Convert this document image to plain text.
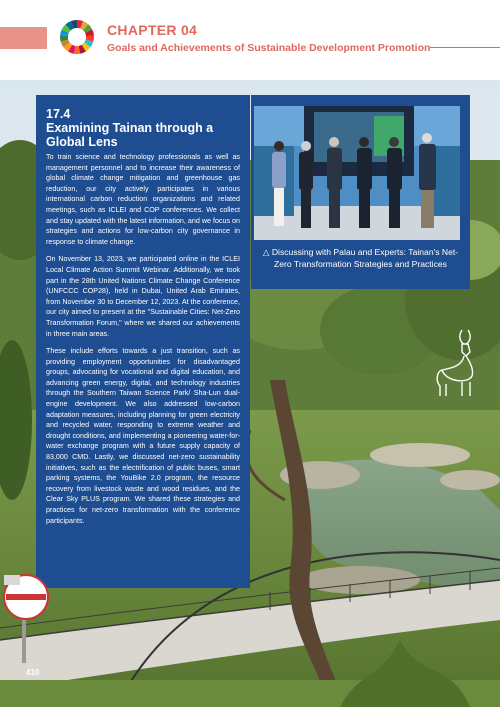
CHAPTER 04
Goals and Achievements of Sustainable Development Promotion
△ Discussing with Palau and Experts: Tainan's Net-Zero Transformation Strategies and Practices
17.4
Examining Tainan through a Global Lens

To train science and technology professionals as well as management personnel and to increase their awareness of global climate change mitigation and greenhouse gas reduction, our city actively participates in various international carbon reduction organizations and related meetings, such as ICLEI and COP conferences. We collect and stay updated with the latest information, and we focus on strategies and actions for low-carbon city governance in response to climate change.

On November 13, 2023, we participated online in the ICLEI Local Climate Action Summit Webinar. Additionally, we took part in the 28th United Nations Climate Change Conference (UNFCCC COP28), held in Dubai, United Arab Emirates, from November 30 to December 12, 2023. At the conference, our city aimed to present at the "Sustainable Cities: Net-Zero Transformation Forum," where we shared our achievements in three main areas.

These include efforts towards a just transition, such as providing employment opportunities for disadvantaged groups, advocating for vocational and digital education, and advancing green energy, digital, and technology industries through the Southern Taiwan Science Park/ Sha-Lun dual-engine development. We also addressed low-carbon adaptation measures, including planning for green electricity and recycled water, responding to extreme weather and drought conditions, and implementing a pioneering water-for-water exchange program with a future supply capacity of 83,000 CMD. Lastly, we discussed net-zero sustainability initiatives, such as the electrification of public buses, smart parking systems, the YouBike 2.0 program, the resource recovery from livestock waste and wood residues, and the Clear Sky PLUS program. We shared these strategies and practices for net-zero transformation with the conference participants.

410
